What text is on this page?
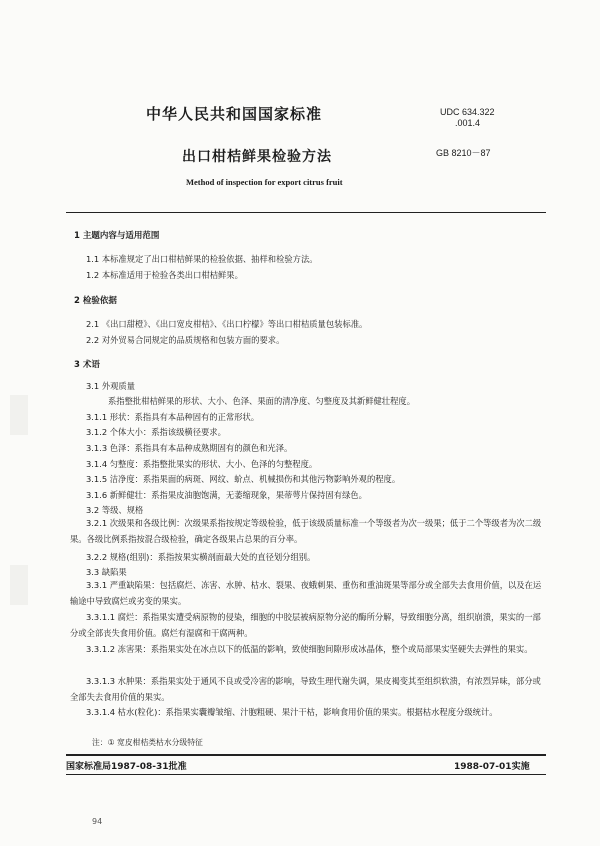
中华人民共和国国家标准	UDC 634.322
.001.4
出口柑桔鲜果检验方法	GB 8210－87
Method of inspection for export citrus fruit
1 主题内容与适用范围
1.1 本标准规定了出口柑桔鲜果的检验依据、抽样和检验方法。
1.2 本标准适用于检验各类出口柑桔鲜果。
2 检验依据
2.1 《出口甜橙》、《出口宽皮柑桔》、《出口柠檬》等出口柑桔质量包装标准。
2.2 对外贸易合同规定的品质规格和包装方面的要求。
3 术语
3.1 外观质量
系指整批柑桔鲜果的形状、大小、色泽、果面的清净度、匀整度及其新鲜健壮程度。
3.1.1 形状：系指具有本品种固有的正常形状。
3.1.2 个体大小：系指该级横径要求。
3.1.3 色泽：系指具有本品种成熟期固有的颜色和光泽。
3.1.4 匀整度：系指整批果实的形状、大小、色泽的匀整程度。
3.1.5 洁净度：系指果面的病斑、网纹、蚧点、机械损伤和其他污物影响外观的程度。
3.1.6 新鲜健壮：系指果皮油胞饱满，无萎缩现象，果蒂萼片保持固有绿色。
3.2 等级、规格
3.2.1 次级果和各级比例：次级果系指按规定等级检验，低于该级质量标准一个等级者为次一级果；低于二个等级者为次二级果。各级比例系指按混合级检验，确定各级果占总果的百分率。
3.2.2 规格(组别)：系指按果实横剖面最大处的直径划分组别。
3.3 缺陷果
3.3.1 严重缺陷果：包括腐烂、冻害、水肿、枯水、裂果、夜蛾刺果、重伤和重油斑果等部分或全部失去食用价值，以及在运输途中导致腐烂或劣变的果实。
3.3.1.1 腐烂：系指果实遭受病原物的侵染，细胞的中胶层被病原物分泌的酶所分解，导致细胞分离，组织崩溃，果实的一部分或全部丧失食用价值。腐烂有湿腐和干腐两种。
3.3.1.2 冻害果：系指果实处在冰点以下的低温的影响，致使细胞间隙形成冰晶体，整个或局部果实坚硬失去弹性的果实。
3.3.1.3 水肿果：系指果实处于通风不良或受冷害的影响，导致生理代谢失调，果皮褐变其至组织软溃，有浓烈异味，部分或全部失去食用价值的果实。
3.3.1.4 枯水(粒化)：系指果实囊瓣皱缩、汁胞粗硬、果汁干枯，影响食用价值的果实。根据枯水程度分级统计。
注：① 宽皮柑桔类枯水分级特征
国家标准局1987-08-31批准	1988-07-01实施
94
